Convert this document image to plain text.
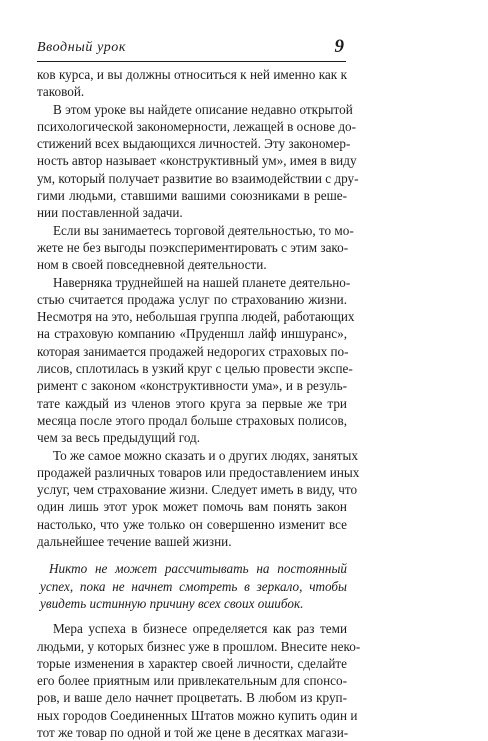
Вводный урок	9
ков курса, и вы должны относиться к ней именно как к
таковой.
В этом уроке вы найдете описание недавно открытой
психологической закономерности, лежащей в основе до-
стижений всех выдающихся личностей. Эту закономер-
ность автор называет «конструктивный ум», имея в виду
ум, который получает развитие во взаимодействии с дру-
гими людьми, ставшими вашими союзниками в реше-
нии поставленной задачи.
Если вы занимаетесь торговой деятельностью, то мо-
жете не без выгоды поэкспериментировать с этим зако-
ном в своей повседневной деятельности.
Наверняка труднейшей на нашей планете деятельно-
стью считается продажа услуг по страхованию жизни.
Несмотря на это, небольшая группа людей, работающих
на страховую компанию «Пруденшл лайф иншуранс»,
которая занимается продажей недорогих страховых по-
лисов, сплотилась в узкий круг с целью провести экспе-
римент с законом «конструктивности ума», и в резуль-
тате каждый из членов этого круга за первые же три
месяца после этого продал больше страховых полисов,
чем за весь предыдущий год.
То же самое можно сказать и о других людях, занятых
продажей различных товаров или предоставлением иных
услуг, чем страхование жизни. Следует иметь в виду, что
один лишь этот урок может помочь вам понять закон
настолько, что уже только он совершенно изменит все
дальнейшее течение вашей жизни.
Никто не может рассчитывать на постоянный
успех, пока не начнет смотреть в зеркало, чтобы
увидеть истинную причину всех своих ошибок.
Мера успеха в бизнесе определяется как раз теми
людьми, у которых бизнес уже в прошлом. Внесите неко-
торые изменения в характер своей личности, сделайте
его более приятным или привлекательным для спонсо-
ров, и ваше дело начнет процветать. В любом из круп-
ных городов Соединенных Штатов можно купить один и
тот же товар по одной и той же цене в десятках магази-
